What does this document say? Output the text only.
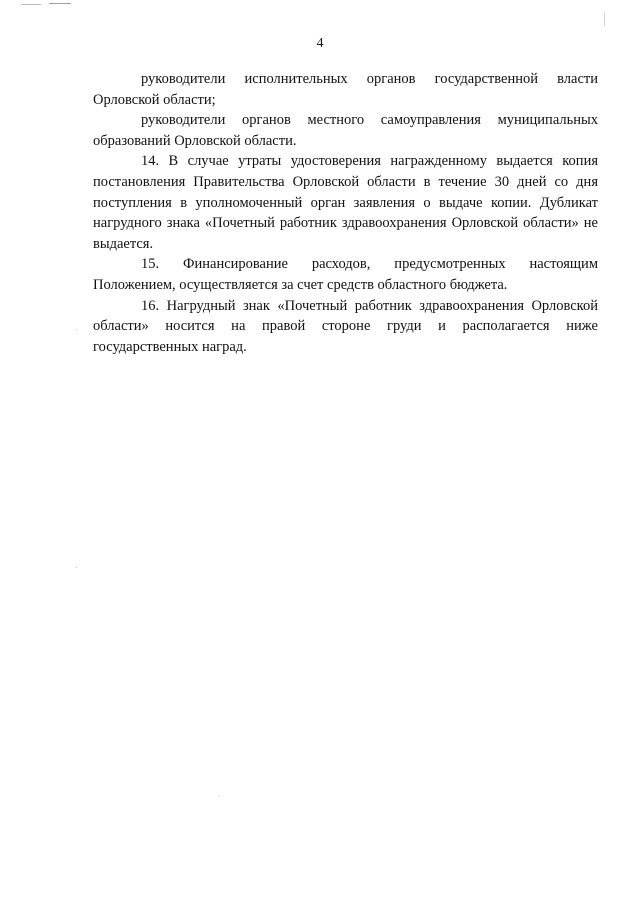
4

руководители исполнительных органов государственной власти Орловской области;

руководители органов местного самоуправления муниципальных образований Орловской области.

14. В случае утраты удостоверения награжденному выдается копия постановления Правительства Орловской области в течение 30 дней со дня поступления в уполномоченный орган заявления о выдаче копии. Дубликат нагрудного знака «Почетный работник здравоохранения Орловской области» не выдается.

15. Финансирование расходов, предусмотренных настоящим Положением, осуществляется за счет средств областного бюджета.

16. Нагрудный знак «Почетный работник здравоохранения Орловской области» носится на правой стороне груди и располагается ниже государственных наград.
